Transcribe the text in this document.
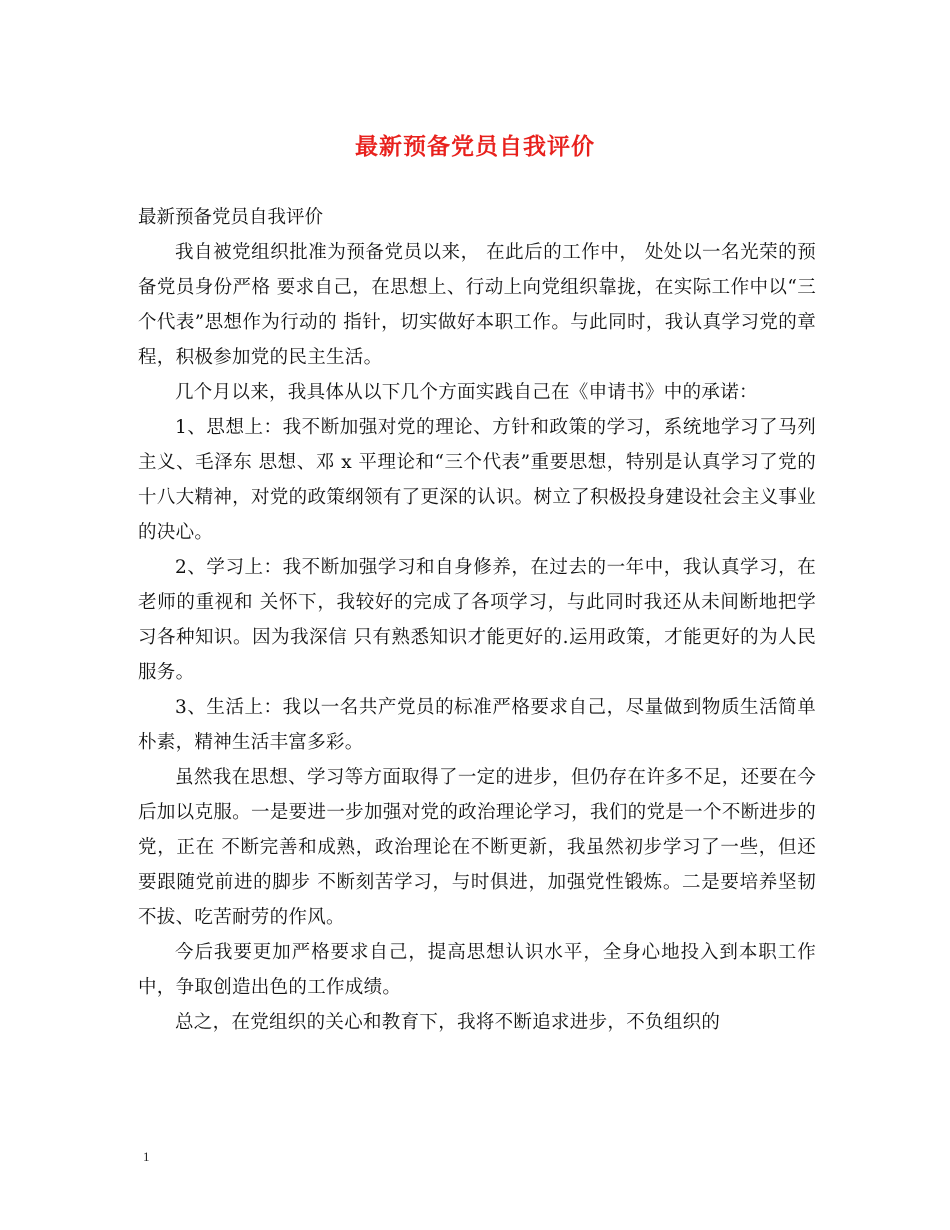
最新预备党员自我评价

最新预备党员自我评价

我自被党组织批准为预备党员以来， 在此后的工作中， 处处以一名光荣的预备党员身份严格 要求自己，在思想上、行动上向党组织靠拢，在实际工作中以“三个代表”思想作为行动的 指针，切实做好本职工作。与此同时，我认真学习党的章程，积极参加党的民主生活。

几个月以来，我具体从以下几个方面实践自己在《申请书》中的承诺：

1、思想上：我不断加强对党的理论、方针和政策的学习，系统地学习了马列主义、毛泽东 思想、邓 x 平理论和“三个代表”重要思想，特别是认真学习了党的十八大精神，对党的政策纲领有了更深的认识。树立了积极投身建设社会主义事业的决心。

2、学习上：我不断加强学习和自身修养，在过去的一年中，我认真学习，在老师的重视和 关怀下，我较好的完成了各项学习，与此同时我还从未间断地把学习各种知识。因为我深信 只有熟悉知识才能更好的.运用政策，才能更好的为人民服务。

3、生活上：我以一名共产党员的标准严格要求自己，尽量做到物质生活简单朴素，精神生活丰富多彩。

虽然我在思想、学习等方面取得了一定的进步，但仍存在许多不足，还要在今后加以克服。一是要进一步加强对党的政治理论学习，我们的党是一个不断进步的党，正在 不断完善和成熟，政治理论在不断更新，我虽然初步学习了一些，但还要跟随党前进的脚步 不断刻苦学习，与时俱进，加强党性锻炼。二是要培养坚韧不拔、吃苦耐劳的作风。

今后我要更加严格要求自己，提高思想认识水平，全身心地投入到本职工作中，争取创造出色的工作成绩。

总之，在党组织的关心和教育下，我将不断追求进步，不负组织的

1
